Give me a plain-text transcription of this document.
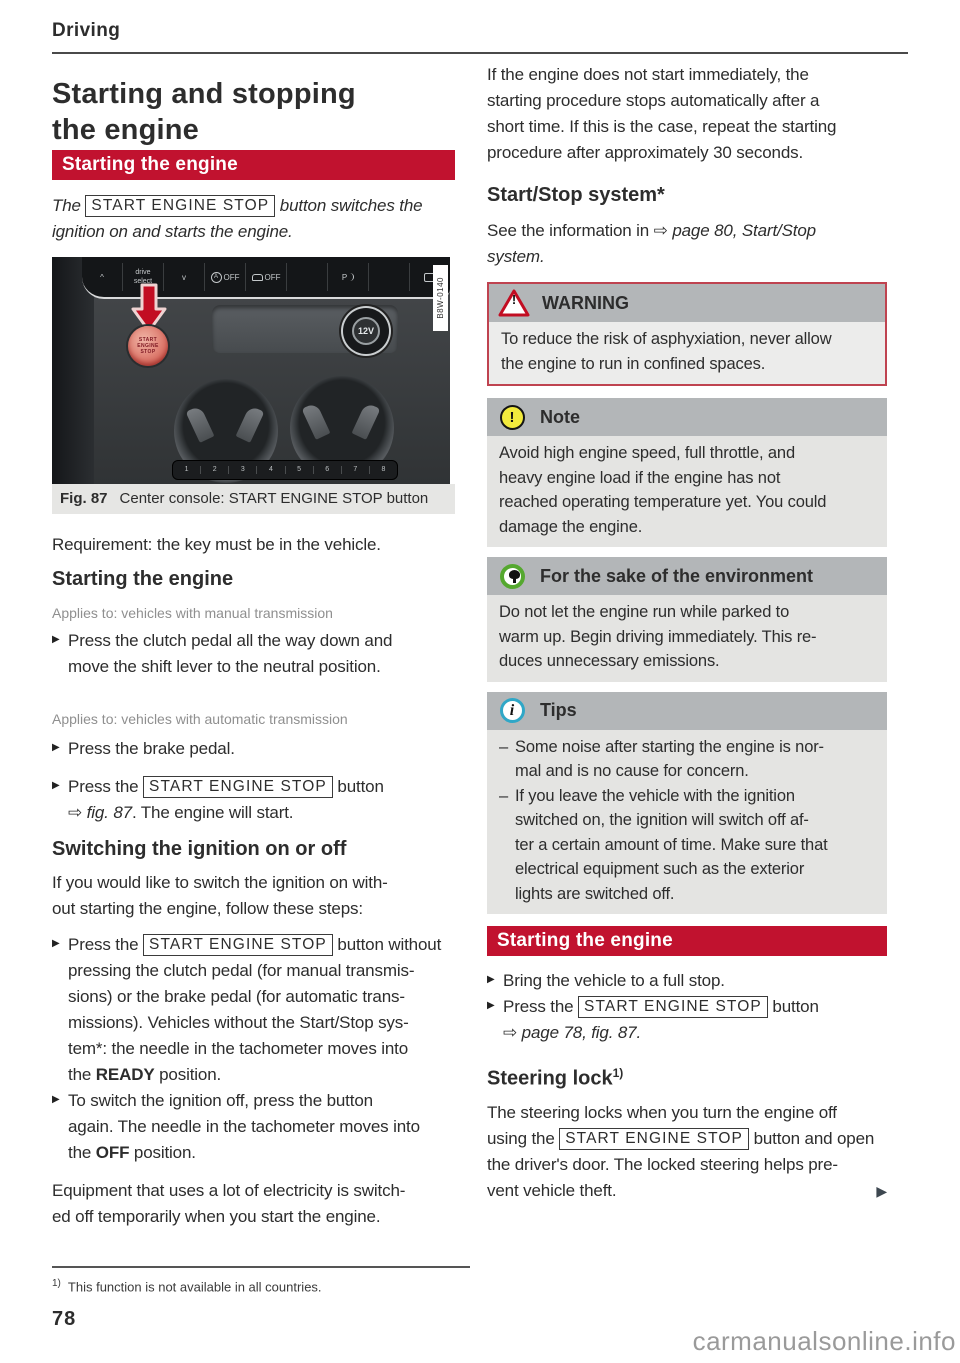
Driving
Starting and stopping
the engine
Starting the engine
The START ENGINE STOP button switches the
ignition on and starts the engine.
^	drive
select	v	A OFF	OFF	P
B8W-0140
START
ENGINE
STOP
12V
1	2	3	4	5	6	7	8
Fig. 87 Center console: START ENGINE STOP button
Requirement: the key must be in the vehicle.
Starting the engine
Applies to: vehicles with manual transmission
▶ Press the clutch pedal all the way down and
move the shift lever to the neutral position.
Applies to: vehicles with automatic transmission
▶ Press the brake pedal.
▶ Press the START ENGINE STOP button
⇨ fig. 87. The engine will start.
Switching the ignition on or off
If you would like to switch the ignition on with-
out starting the engine, follow these steps:
▶ Press the START ENGINE STOP button without
pressing the clutch pedal (for manual transmis-
sions) or the brake pedal (for automatic trans-
missions). Vehicles without the Start/Stop sys-
tem*: the needle in the tachometer moves into
the READY position.
▶ To switch the ignition off, press the button
again. The needle in the tachometer moves into
the OFF position.
Equipment that uses a lot of electricity is switch-
ed off temporarily when you start the engine.
If the engine does not start immediately, the
starting procedure stops automatically after a
short time. If this is the case, repeat the starting
procedure after approximately 30 seconds.
Start/Stop system*
See the information in ⇨ page 80, Start/Stop
system.
!	WARNING
To reduce the risk of asphyxiation, never allow
the engine to run in confined spaces.
! Note
Avoid high engine speed, full throttle, and
heavy engine load if the engine has not
reached operating temperature yet. You could
damage the engine.
For the sake of the environment
Do not let the engine run while parked to
warm up. Begin driving immediately. This re-
duces unnecessary emissions.
i Tips
– Some noise after starting the engine is nor-
mal and is no cause for concern.
– If you leave the vehicle with the ignition
switched on, the ignition will switch off af-
ter a certain amount of time. Make sure that
electrical equipment such as the exterior
lights are switched off.
Starting the engine
▶ Bring the vehicle to a full stop.
▶ Press the START ENGINE STOP button
⇨ page 78, fig. 87.
Steering lock$^{1)}$
The steering locks when you turn the engine off
using the START ENGINE STOP button and open
the driver's door. The locked steering helps pre-
vent vehicle theft.	▶
$^{1)}$ This function is not available in all countries.
78
carmanualsonline.info
